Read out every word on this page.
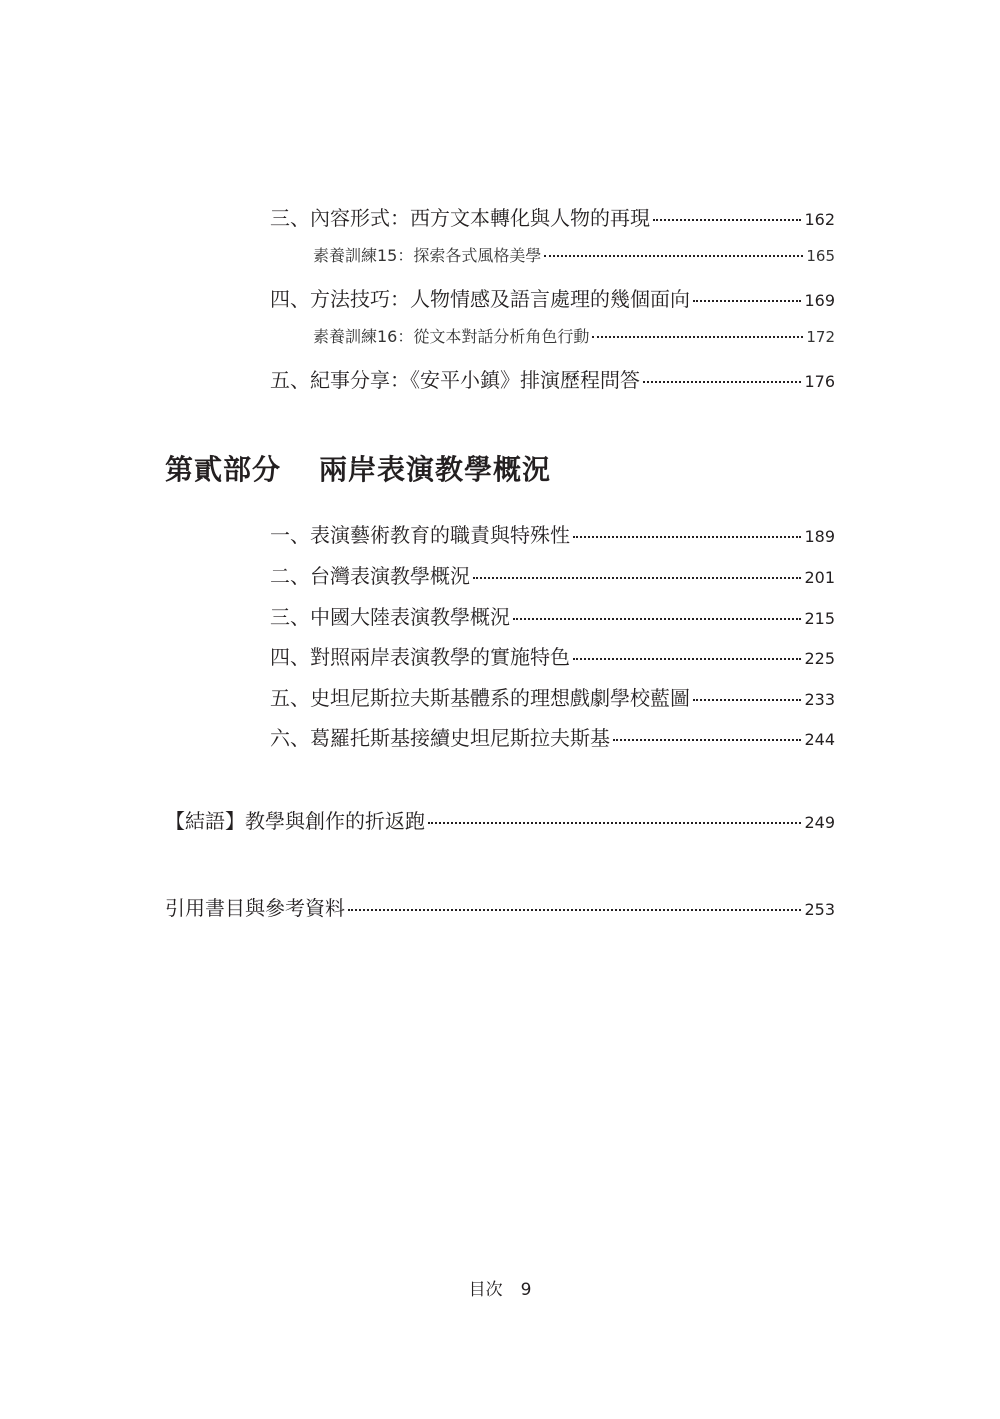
三、內容形式：西方文本轉化與人物的再現	162
素養訓練15：探索各式風格美學	165
四、方法技巧：人物情感及語言處理的幾個面向	169
素養訓練16：從文本對話分析角色行動	172
五、紀事分享：《安平小鎮》排演歷程問答	176
第貳部分 兩岸表演教學概況
一、表演藝術教育的職責與特殊性	189
二、台灣表演教學概況	201
三、中國大陸表演教學概況	215
四、對照兩岸表演教學的實施特色	225
五、史坦尼斯拉夫斯基體系的理想戲劇學校藍圖	233
六、葛羅托斯基接續史坦尼斯拉夫斯基	244
【結語】教學與創作的折返跑	249
引用書目與參考資料	253
目次 9
